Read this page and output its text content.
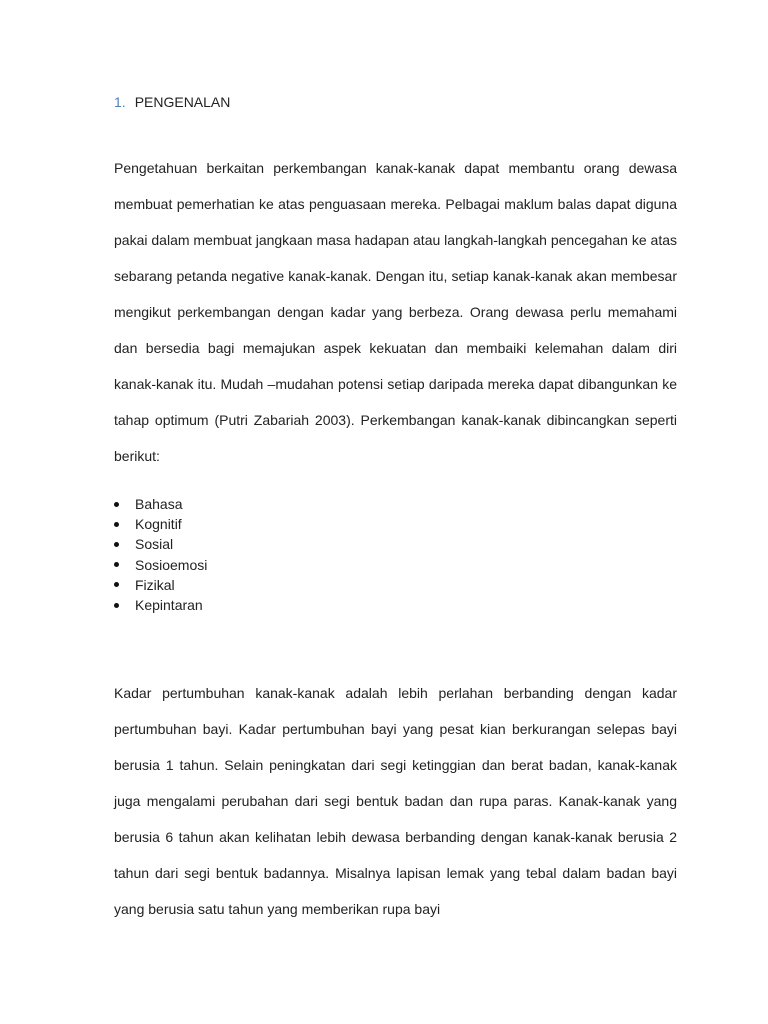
1. PENGENALAN

Pengetahuan berkaitan perkembangan kanak-kanak dapat membantu orang dewasa membuat pemerhatian ke atas penguasaan mereka. Pelbagai maklum balas dapat diguna pakai dalam membuat jangkaan masa hadapan atau langkah-langkah pencegahan ke atas sebarang petanda negative kanak-kanak. Dengan itu, setiap kanak-kanak akan membesar mengikut perkembangan dengan kadar yang berbeza. Orang dewasa perlu memahami dan bersedia bagi memajukan aspek kekuatan dan membaiki kelemahan dalam diri kanak-kanak itu. Mudah –mudahan potensi setiap daripada mereka dapat dibangunkan ke tahap optimum (Putri Zabariah 2003). Perkembangan kanak-kanak dibincangkan seperti berikut:

Bahasa
Kognitif
Sosial
Sosioemosi
Fizikal
Kepintaran

Kadar pertumbuhan kanak-kanak adalah lebih perlahan berbanding dengan kadar pertumbuhan bayi. Kadar pertumbuhan bayi yang pesat kian berkurangan selepas bayi berusia 1 tahun. Selain peningkatan dari segi ketinggian dan berat badan, kanak-kanak juga mengalami perubahan dari segi bentuk badan dan rupa paras. Kanak-kanak yang berusia 6 tahun akan kelihatan lebih dewasa berbanding dengan kanak-kanak berusia 2 tahun dari segi bentuk badannya. Misalnya lapisan lemak yang tebal dalam badan bayi yang berusia satu tahun yang memberikan rupa bayi
